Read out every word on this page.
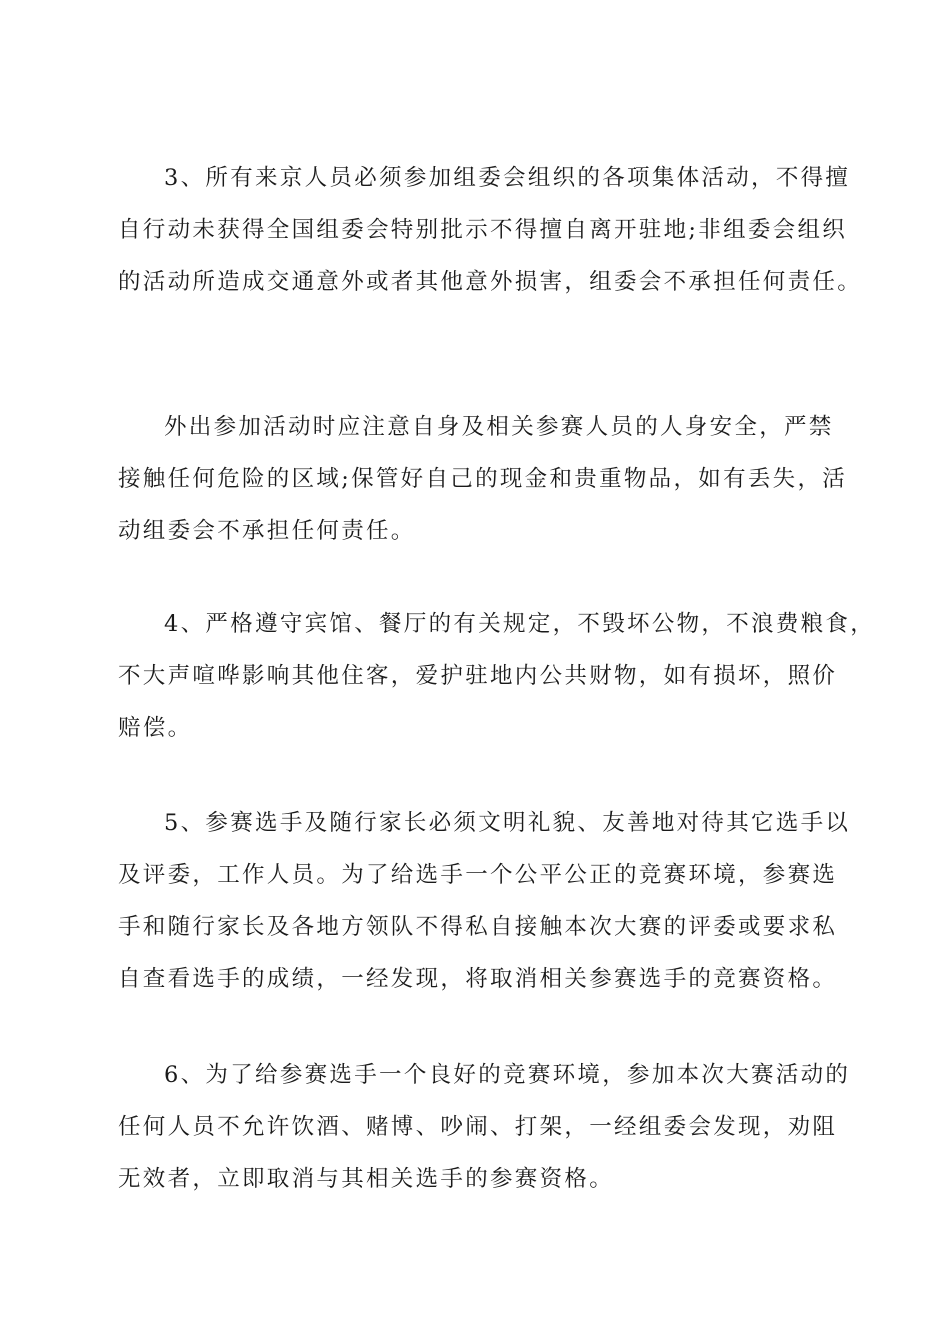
3、所有来京人员必须参加组委会组织的各项集体活动，不得擅
自行动未获得全国组委会特别批示不得擅自离开驻地;非组委会组织
的活动所造成交通意外或者其他意外损害，组委会不承担任何责任。
外出参加活动时应注意自身及相关参赛人员的人身安全，严禁
接触任何危险的区域;保管好自己的现金和贵重物品，如有丢失，活
动组委会不承担任何责任。
4、严格遵守宾馆、餐厅的有关规定，不毁坏公物，不浪费粮食，
不大声喧哗影响其他住客，爱护驻地内公共财物，如有损坏，照价
赔偿。
5、参赛选手及随行家长必须文明礼貌、友善地对待其它选手以
及评委，工作人员。为了给选手一个公平公正的竞赛环境，参赛选
手和随行家长及各地方领队不得私自接触本次大赛的评委或要求私
自查看选手的成绩，一经发现，将取消相关参赛选手的竞赛资格。
6、为了给参赛选手一个良好的竞赛环境，参加本次大赛活动的
任何人员不允许饮酒、赌博、吵闹、打架，一经组委会发现，劝阻
无效者，立即取消与其相关选手的参赛资格。
